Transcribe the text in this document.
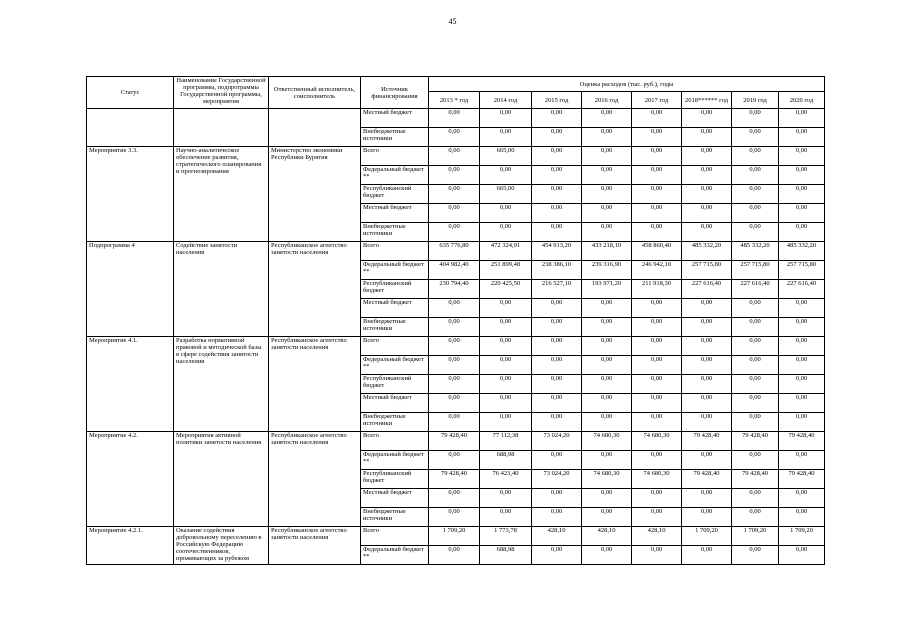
45
Статус	Наименование Государственной программы, подпрограммы Государственной программы, мероприятия	Ответственный исполнитель, соисполнитель	Источник финансирования	Оценка расходов (тыс. руб.), годы							
				2013 * год	2014 год	2015 год	2016 год	2017 год	2018****** год	2019 год	2020 год
			Местный бюджет	0,00	0,00	0,00	0,00	0,00	0,00	0,00	0,00
			Внебюджетные источники	0,00	0,00	0,00	0,00	0,00	0,00	0,00	0,00
Мероприятие 3.3.	Научно-аналитическое обеспечение развития, стратегического планирования и прогнозирования	Министерство экономики Республики Бурятия	Всего	0,00	665,00	0,00	0,00	0,00	0,00	0,00	0,00
			Федеральный бюджет **	0,00	0,00	0,00	0,00	0,00	0,00	0,00	0,00
			Республиканский бюджет	0,00	665,00	0,00	0,00	0,00	0,00	0,00	0,00
			Местный бюджет	0,00	0,00	0,00	0,00	0,00	0,00	0,00	0,00
			Внебюджетные источники	0,00	0,00	0,00	0,00	0,00	0,00	0,00	0,00
Подпрограмма 4	Содействие занятости населения	Республиканское агентство занятости населения	Всего	635 776,80	472 324,91	454 913,20	433 218,10	458 860,40	485 332,20	485 332,20	485 332,20
			Федеральный бюджет **	404 982,40	251 899,48	238 386,10	239 316,90	246 942,10	257 715,80	257 715,80	257 715,80
			Республиканский бюджет	230 794,40	220 425,50	216 527,10	193 971,20	211 918,30	227 616,40	227 616,40	227 616,40
			Местный бюджет	0,00	0,00	0,00	0,00	0,00	0,00	0,00	0,00
			Внебюджетные источники	0,00	0,00	0,00	0,00	0,00	0,00	0,00	0,00
Мероприятие 4.1.	Разработка нормативной правовой и методической базы в сфере содействия занятости населения	Республиканское агентство занятости населения	Всего	0,00	0,00	0,00	0,00	0,00	0,00	0,00	0,00
			Федеральный бюджет **	0,00	0,00	0,00	0,00	0,00	0,00	0,00	0,00
			Республиканский бюджет	0,00	0,00	0,00	0,00	0,00	0,00	0,00	0,00
			Местный бюджет	0,00	0,00	0,00	0,00	0,00	0,00	0,00	0,00
			Внебюджетные источники	0,00	0,00	0,00	0,00	0,00	0,00	0,00	0,00
Мероприятие 4.2.	Мероприятия активной политики занятости населения	Республиканское агентство занятости населения	Всего	79 428,40	77 112,38	73 024,20	74 680,30	74 680,30	79 428,40	79 428,40	79 428,40
			Федеральный бюджет **	0,00	688,98	0,00	0,00	0,00	0,00	0,00	0,00
			Республиканский бюджет	79 428,40	76 423,40	73 024,20	74 680,30	74 680,30	79 428,40	79 428,40	79 428,40
			Местный бюджет	0,00	0,00	0,00	0,00	0,00	0,00	0,00	0,00
			Внебюджетные источники	0,00	0,00	0,00	0,00	0,00	0,00	0,00	0,00
Мероприятие 4.2.1.	Оказание содействия добровольному переселению в Российскую Федерацию соотечественников, проживающих за рубежом	Республиканское агентство занятости населения	Всего	1 709,20	1 773,78	428,10	428,10	428,10	1 709,20	1 709,20	1 709,20
			Федеральный бюджет **	0,00	688,98	0,00	0,00	0,00	0,00	0,00	0,00
